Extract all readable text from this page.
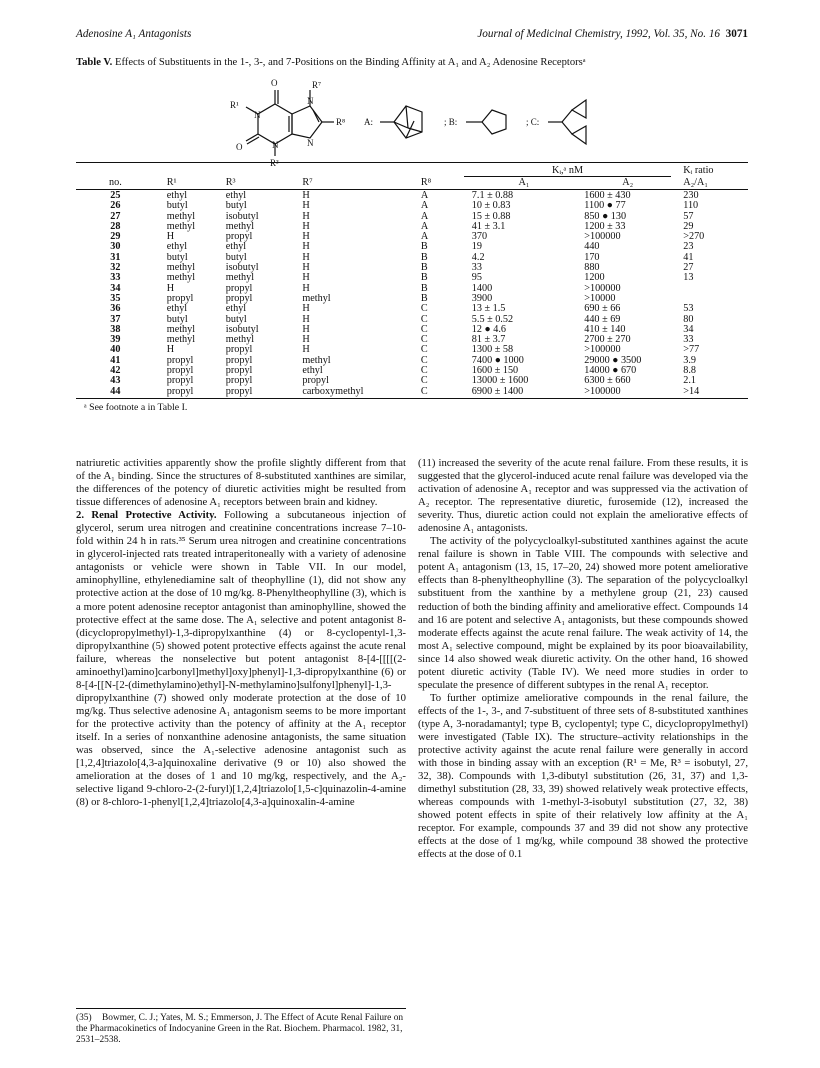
Adenosine A₁ Antagonists	Journal of Medicinal Chemistry, 1992, Vol. 35, No. 16 3071
Table V. Effects of Substituents in the 1-, 3-, and 7-Positions on the Binding Affinity at A₁ and A₂ Adenosine Receptorsᵃ
O
O
N
N
N
N
R¹
R⁷
R⁸
R³
A:	; B:	; C:
					Kᵢ,ᵃ nM		Kᵢ ratio
no.	R¹	R³	R⁷	R⁸	A₁	A₂	A₂/A₁
25	ethyl	ethyl	H	A	7.1 ± 0.88	1600 ± 430	230
26	butyl	butyl	H	A	10 ± 0.83	1100 ● 77	110
27	methyl	isobutyl	H	A	15 ± 0.88	850 ● 130	57
28	methyl	methyl	H	A	41 ± 3.1	1200 ± 33	29
29	H	propyl	H	A	370	>100000	>270
30	ethyl	ethyl	H	B	19	440	23
31	butyl	butyl	H	B	4.2	170	41
32	methyl	isobutyl	H	B	33	880	27
33	methyl	methyl	H	B	95	1200	13
34	H	propyl	H	B	1400	>100000	
35	propyl	propyl	methyl	B	3900	>10000	
36	ethyl	ethyl	H	C	13 ± 1.5	690 ± 66	53
37	butyl	butyl	H	C	5.5 ± 0.52	440 ± 69	80
38	methyl	isobutyl	H	C	12 ● 4.6	410 ± 140	34
39	methyl	methyl	H	C	81 ± 3.7	2700 ± 270	33
40	H	propyl	H	C	1300 ± 58	>100000	>77
41	propyl	propyl	methyl	C	7400 ● 1000	29000 ● 3500	3.9
42	propyl	propyl	ethyl	C	1600 ± 150	14000 ● 670	8.8
43	propyl	propyl	propyl	C	13000 ± 1600	6300 ± 660	2.1
44	propyl	propyl	carboxymethyl	C	6900 ± 1400	>100000	>14
ᵃ See footnote a in Table I.

natriuretic activities apparently show the profile slightly different from that of the A₁ binding. Since the structures of 8-substituted xanthines are similar, the differences of the potency of diuretic activities might be resulted from tissue differences of adenosine A₁ receptors between brain and kidney.

2. Renal Protective Activity. Following a subcutaneous injection of glycerol, serum urea nitrogen and creatinine concentrations increase 7–10-fold within 24 h in rats.³⁵ Serum urea nitrogen and creatinine concentrations in glycerol-injected rats treated intraperitoneally with a variety of adenosine antagonists or vehicle were shown in Table VII. In our model, aminophylline, ethylenediamine salt of theophylline (1), did not show any protective action at the dose of 10 mg/kg. 8-Phenyltheophylline (3), which is a more potent adenosine receptor antagonist than aminophylline, showed the protective effect at the same dose. The A₁ selective and potent antagonist 8-(dicyclopropylmethyl)-1,3-dipropylxanthine (4) or 8-cyclopentyl-1,3-dipropylxanthine (5) showed potent protective effects against the acute renal failure, whereas the nonselective but potent antagonist 8-[4-[[[[(2-aminoethyl)amino]carbonyl]methyl]oxy]phenyl]-1,3-dipropylxanthine (6) or 8-[4-[[N-[2-(dimethylamino)ethyl]-N-methylamino]sulfonyl]phenyl]-1,3-dipropylxanthine (7) showed only moderate protection at the dose of 10 mg/kg. Thus selective adenosine A₁ antagonism seems to be more important for the protective activity than the potency of affinity at the A₁ receptor itself. In a series of nonxanthine adenosine antagonists, the same situation was observed, since the A₁-selective adenosine antagonist such as [1,2,4]triazolo[4,3-a]quinoxaline derivative (9 or 10) also showed the amelioration at the doses of 1 and 10 mg/kg, respectively, and the A₂-selective ligand 9-chloro-2-(2-furyl)[1,2,4]triazolo[1,5-c]quinazolin-4-amine (8) or 8-chloro-1-phenyl[1,2,4]triazolo[4,3-a]quinoxalin-4-amine

(11) increased the severity of the acute renal failure. From these results, it is suggested that the glycerol-induced acute renal failure was developed via the activation of adenosine A₁ receptor and was suppressed via the activation of A₂ receptor. The representative diuretic, furosemide (12), increased the severity. Thus, diuretic action could not explain the ameliorative effects of adenosine A₁ antagonists.

The activity of the polycycloalkyl-substituted xanthines against the acute renal failure is shown in Table VIII. The compounds with selective and potent A₁ antagonism (13, 15, 17–20, 24) showed more potent ameliorative effects than 8-phenyltheophylline (3). The separation of the polycycloalkyl substituent from the xanthine by a methylene group (21, 23) caused reduction of both the binding affinity and ameliorative effect. Compounds 14 and 16 are potent and selective A₁ antagonists, but these compounds showed moderate effects against the acute renal failure. The weak activity of 14, the most A₁ selective compound, might be explained by its poor bioavailability, since 14 also showed weak diuretic activity. On the other hand, 16 showed potent diuretic activity (Table IV). We need more studies in order to speculate the presence of different subtypes in the renal A₁ receptor.

To further optimize ameliorative compounds in the renal failure, the effects of the 1-, 3-, and 7-substituent of three sets of 8-substituted xanthines (type A, 3-noradamantyl; type B, cyclopentyl; type C, dicyclopropylmethyl) were investigated (Table IX). The structure–activity relationships in the protective activity against the acute renal failure were generally in accord with those in binding assay with an exception (R¹ = Me, R³ = isobutyl, 27, 32, 38). Compounds with 1,3-dibutyl substitution (26, 31, 37) and 1,3-dimethyl substitution (28, 33, 39) showed relatively weak protective effects, whereas compounds with 1-methyl-3-isobutyl substitution (27, 32, 38) showed potent effects in spite of their relatively low affinity at the A₁ receptor. For example, compounds 37 and 39 did not show any protective effects at the dose of 1 mg/kg, while compound 38 showed the protective effects at the dose of 0.1

(35) Bowmer, C. J.; Yates, M. S.; Emmerson, J. The Effect of Acute Renal Failure on the Pharmacokinetics of Indocyanine Green in the Rat. Biochem. Pharmacol. 1982, 31, 2531–2538.
